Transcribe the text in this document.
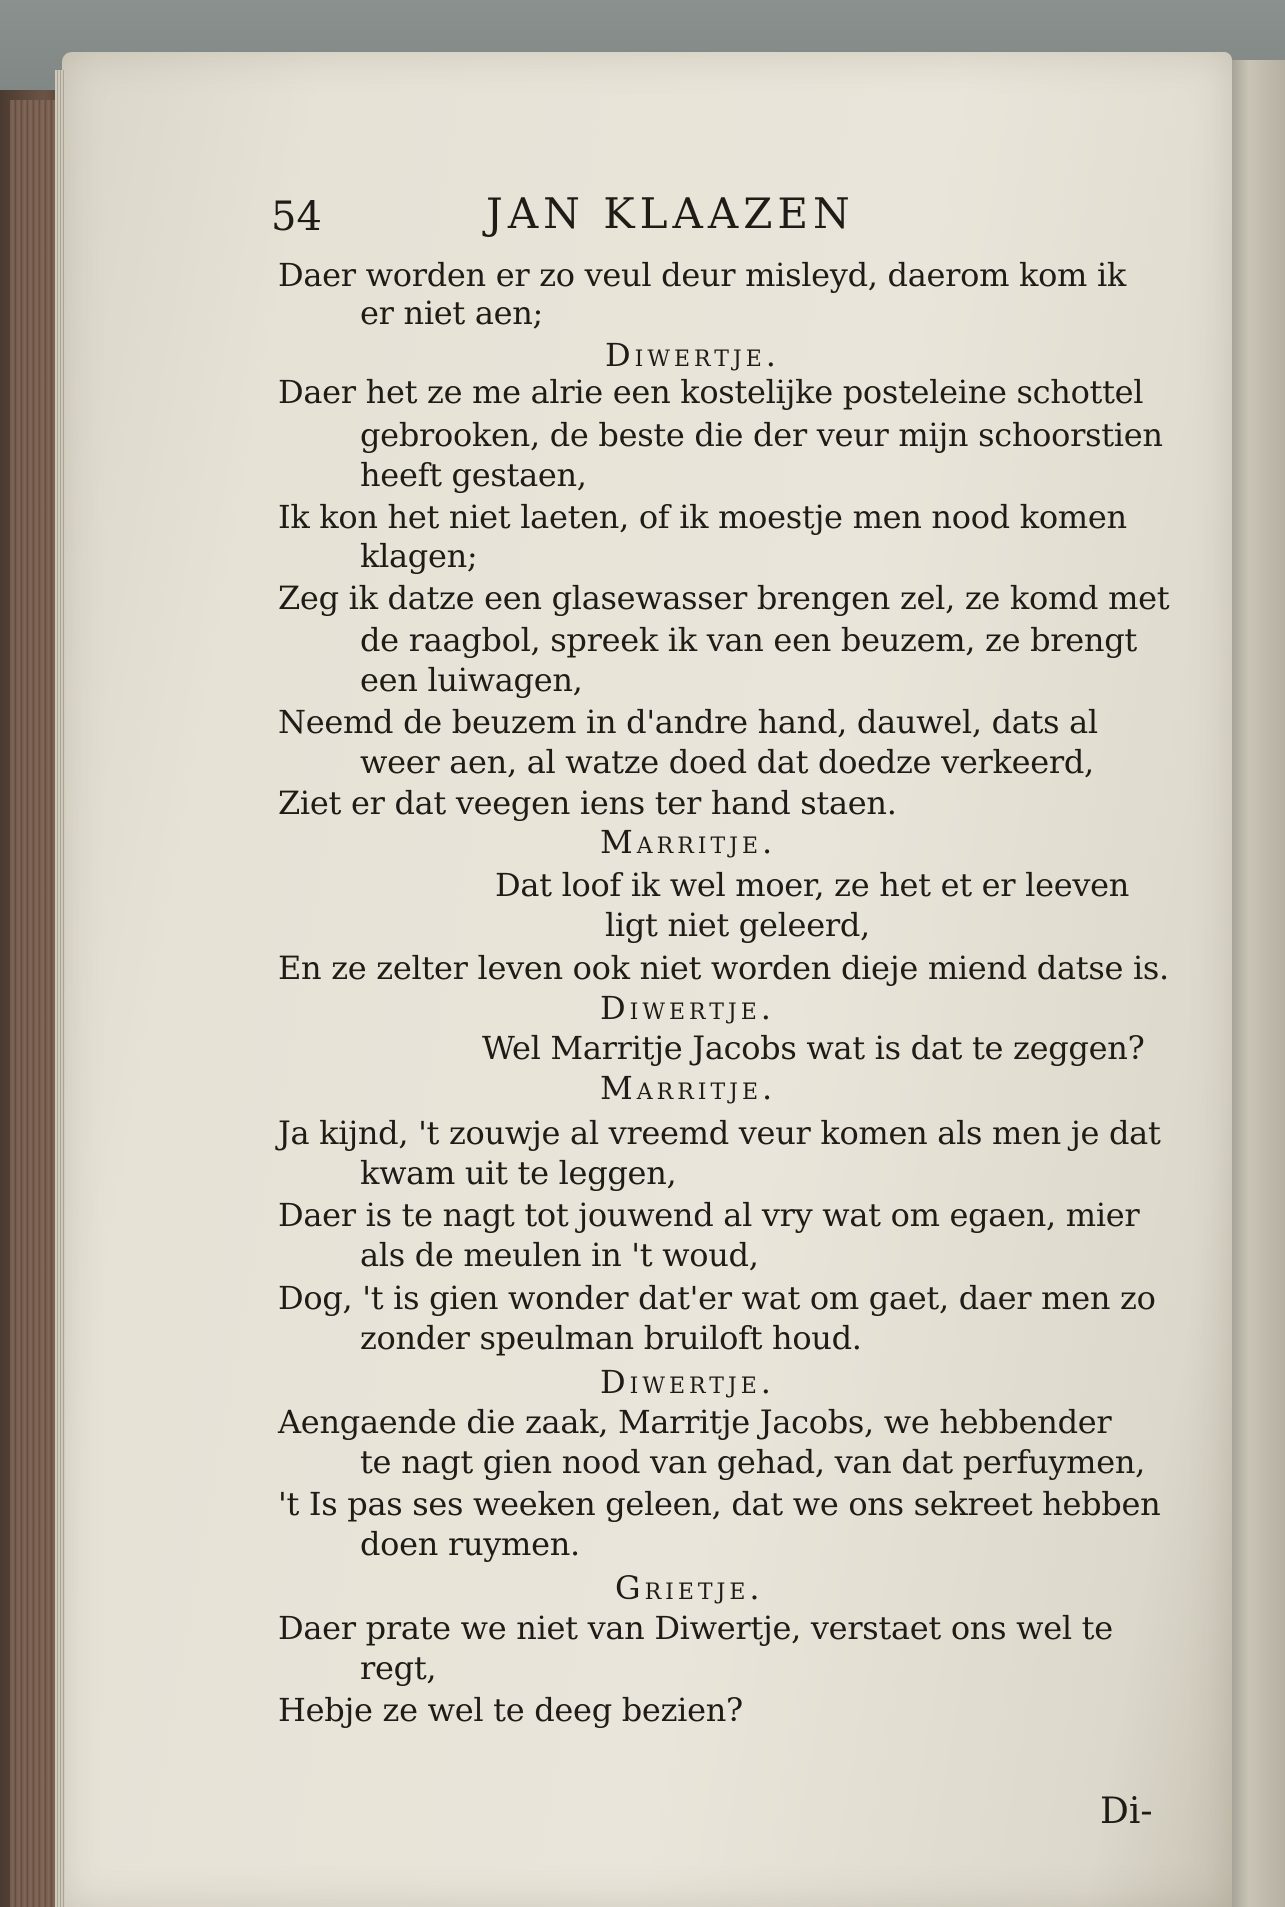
54	JAN KLAAZEN
Daer worden er zo veul deur misleyd, daerom kom ik
er niet aen;
Diwertje.
Daer het ze me alrie een kostelijke posteleine schottel
gebrooken, de beste die der veur mijn schoorstien
heeft gestaen,
Ik kon het niet laeten, of ik moestje men nood komen
klagen;
Zeg ik datze een glasewasser brengen zel, ze komd met
de raagbol, spreek ik van een beuzem, ze brengt
een luiwagen,
Neemd de beuzem in d'andre hand, dauwel, dats al
weer aen, al watze doed dat doedze verkeerd,
Ziet er dat veegen iens ter hand staen.
Marritje.
Dat loof ik wel moer, ze het et er leeven
ligt niet geleerd,
En ze zelter leven ook niet worden dieje miend datse is.
Diwertje.
Wel Marritje Jacobs wat is dat te zeggen?
Marritje.
Ja kijnd, 't zouwje al vreemd veur komen als men je dat
kwam uit te leggen,
Daer is te nagt tot jouwend al vry wat om egaen, mier
als de meulen in 't woud,
Dog, 't is gien wonder dat'er wat om gaet, daer men zo
zonder speulman bruiloft houd.
Diwertje.
Aengaende die zaak, Marritje Jacobs, we hebbender
te nagt gien nood van gehad, van dat perfuymen,
't Is pas ses weeken geleen, dat we ons sekreet hebben
doen ruymen.
Grietje.
Daer prate we niet van Diwertje, verstaet ons wel te
regt,
Hebje ze wel te deeg bezien?
Di-
